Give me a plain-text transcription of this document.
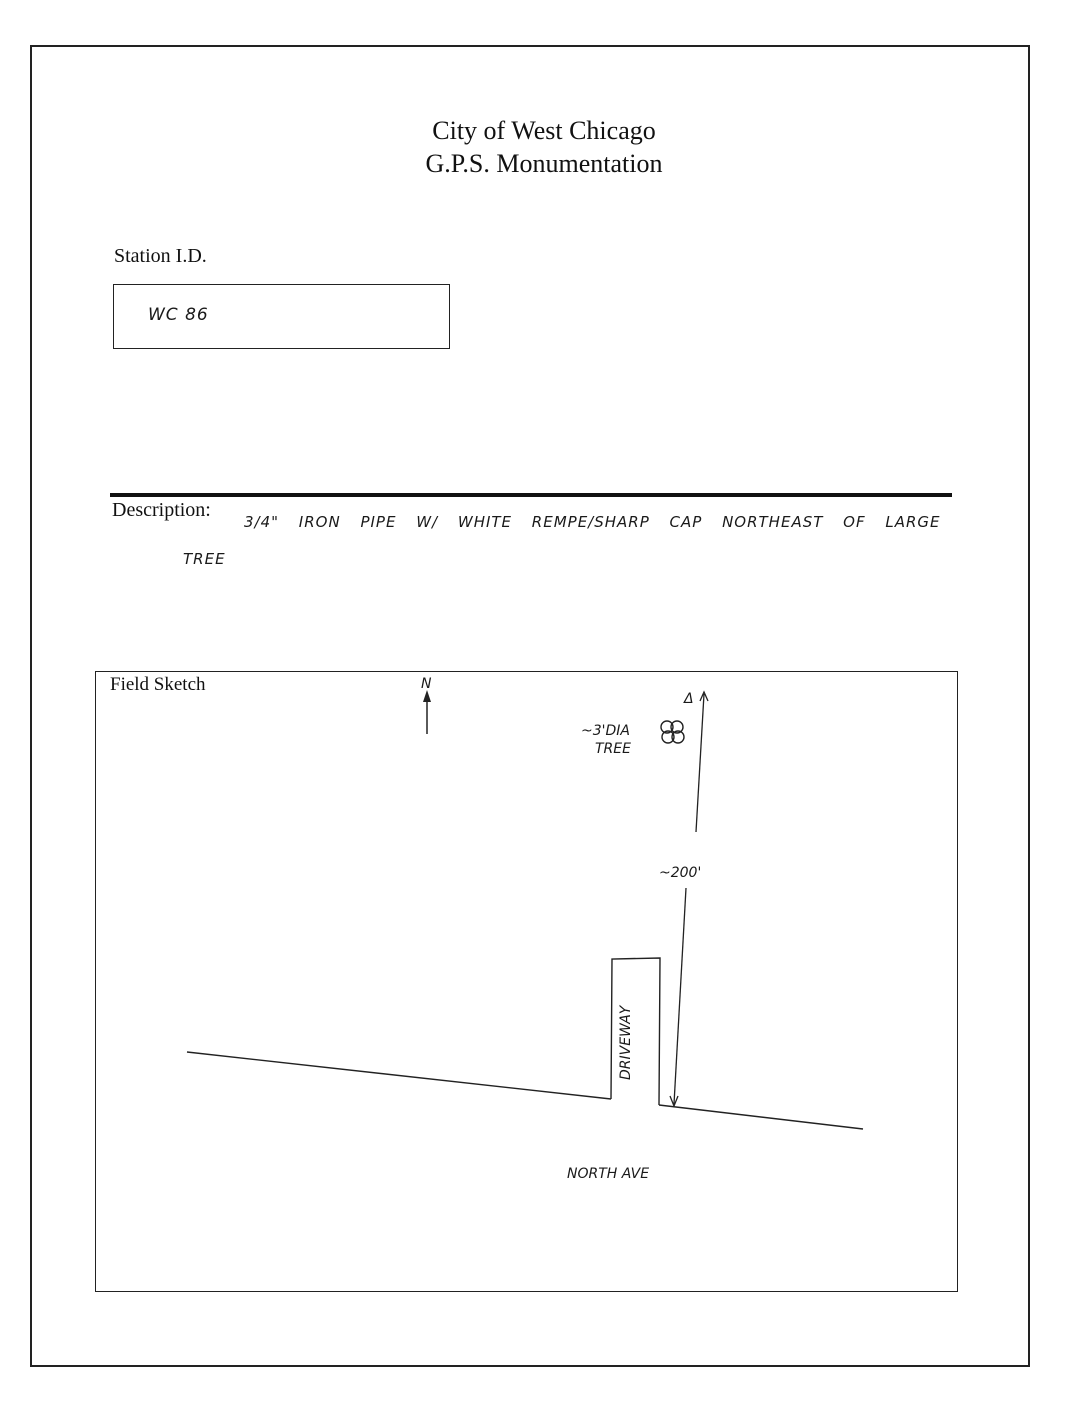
City of West Chicago
G.P.S. Monumentation
Station I.D.
WC 86
Description:
3/4" IRON PIPE W/ WHITE REMPE/SHARP CAP NORTHEAST OF LARGE
TREE
Field Sketch	N
Δ
~200'
~3'DIA
TREE
DRIVEWAY
NORTH AVE
